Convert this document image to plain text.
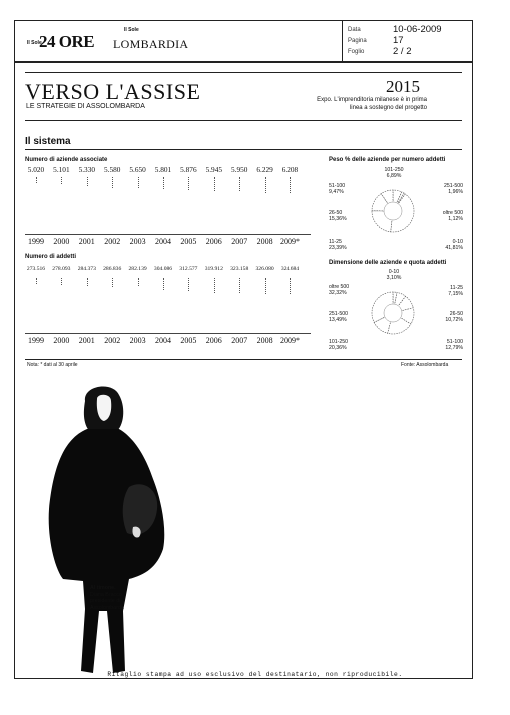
Il Sole
24 ORE
Il Sole
LOMBARDIA
Data	10-06-2009
Pagina	17
Foglio	2 / 2
VERSO L'ASSISE
LE STRATEGIE DI ASSOLOMBARDA
2015
Expo. L'imprenditoria milanese è in prima
linea a sostegno del progetto
Il sistema
Numero di aziende associate
5.020
1999
5.101
2000
5.330
2001
5.580
2002
5.650
2003
5.801
2004
5.876
2005
5.945
2006
5.950
2007
6.229
2008
6.208
2009*
Numero di addetti
273.516
1999
278.093
2000
284.373
2001
286.836
2002
282.139
2003
304.086
2004
312.577
2005
319.912
2006
323.158
2007
326.080
2008
324.684
2009*
Nota: * dati al 30 aprile	Fonte: Assolombarda
Peso % delle aziende per numero addetti
101-250
6,89%
251-500
1,96%
oltre 500
1,12%
0-10
41,81%
11-25
23,39%
26-50
15,36%
51-100
9,47%
Dimensione delle aziende e quota addetti
0-10
3,10%
11-25
7,15%
26-50
10,72%
51-100
12,79%
101-250
20,36%
251-500
13,49%
oltre 500
32,32%
Al timone.
Diana Bracco,
presidente di
Assolombarda
Ritaglio stampa ad uso esclusivo del destinatario, non riproducibile.
